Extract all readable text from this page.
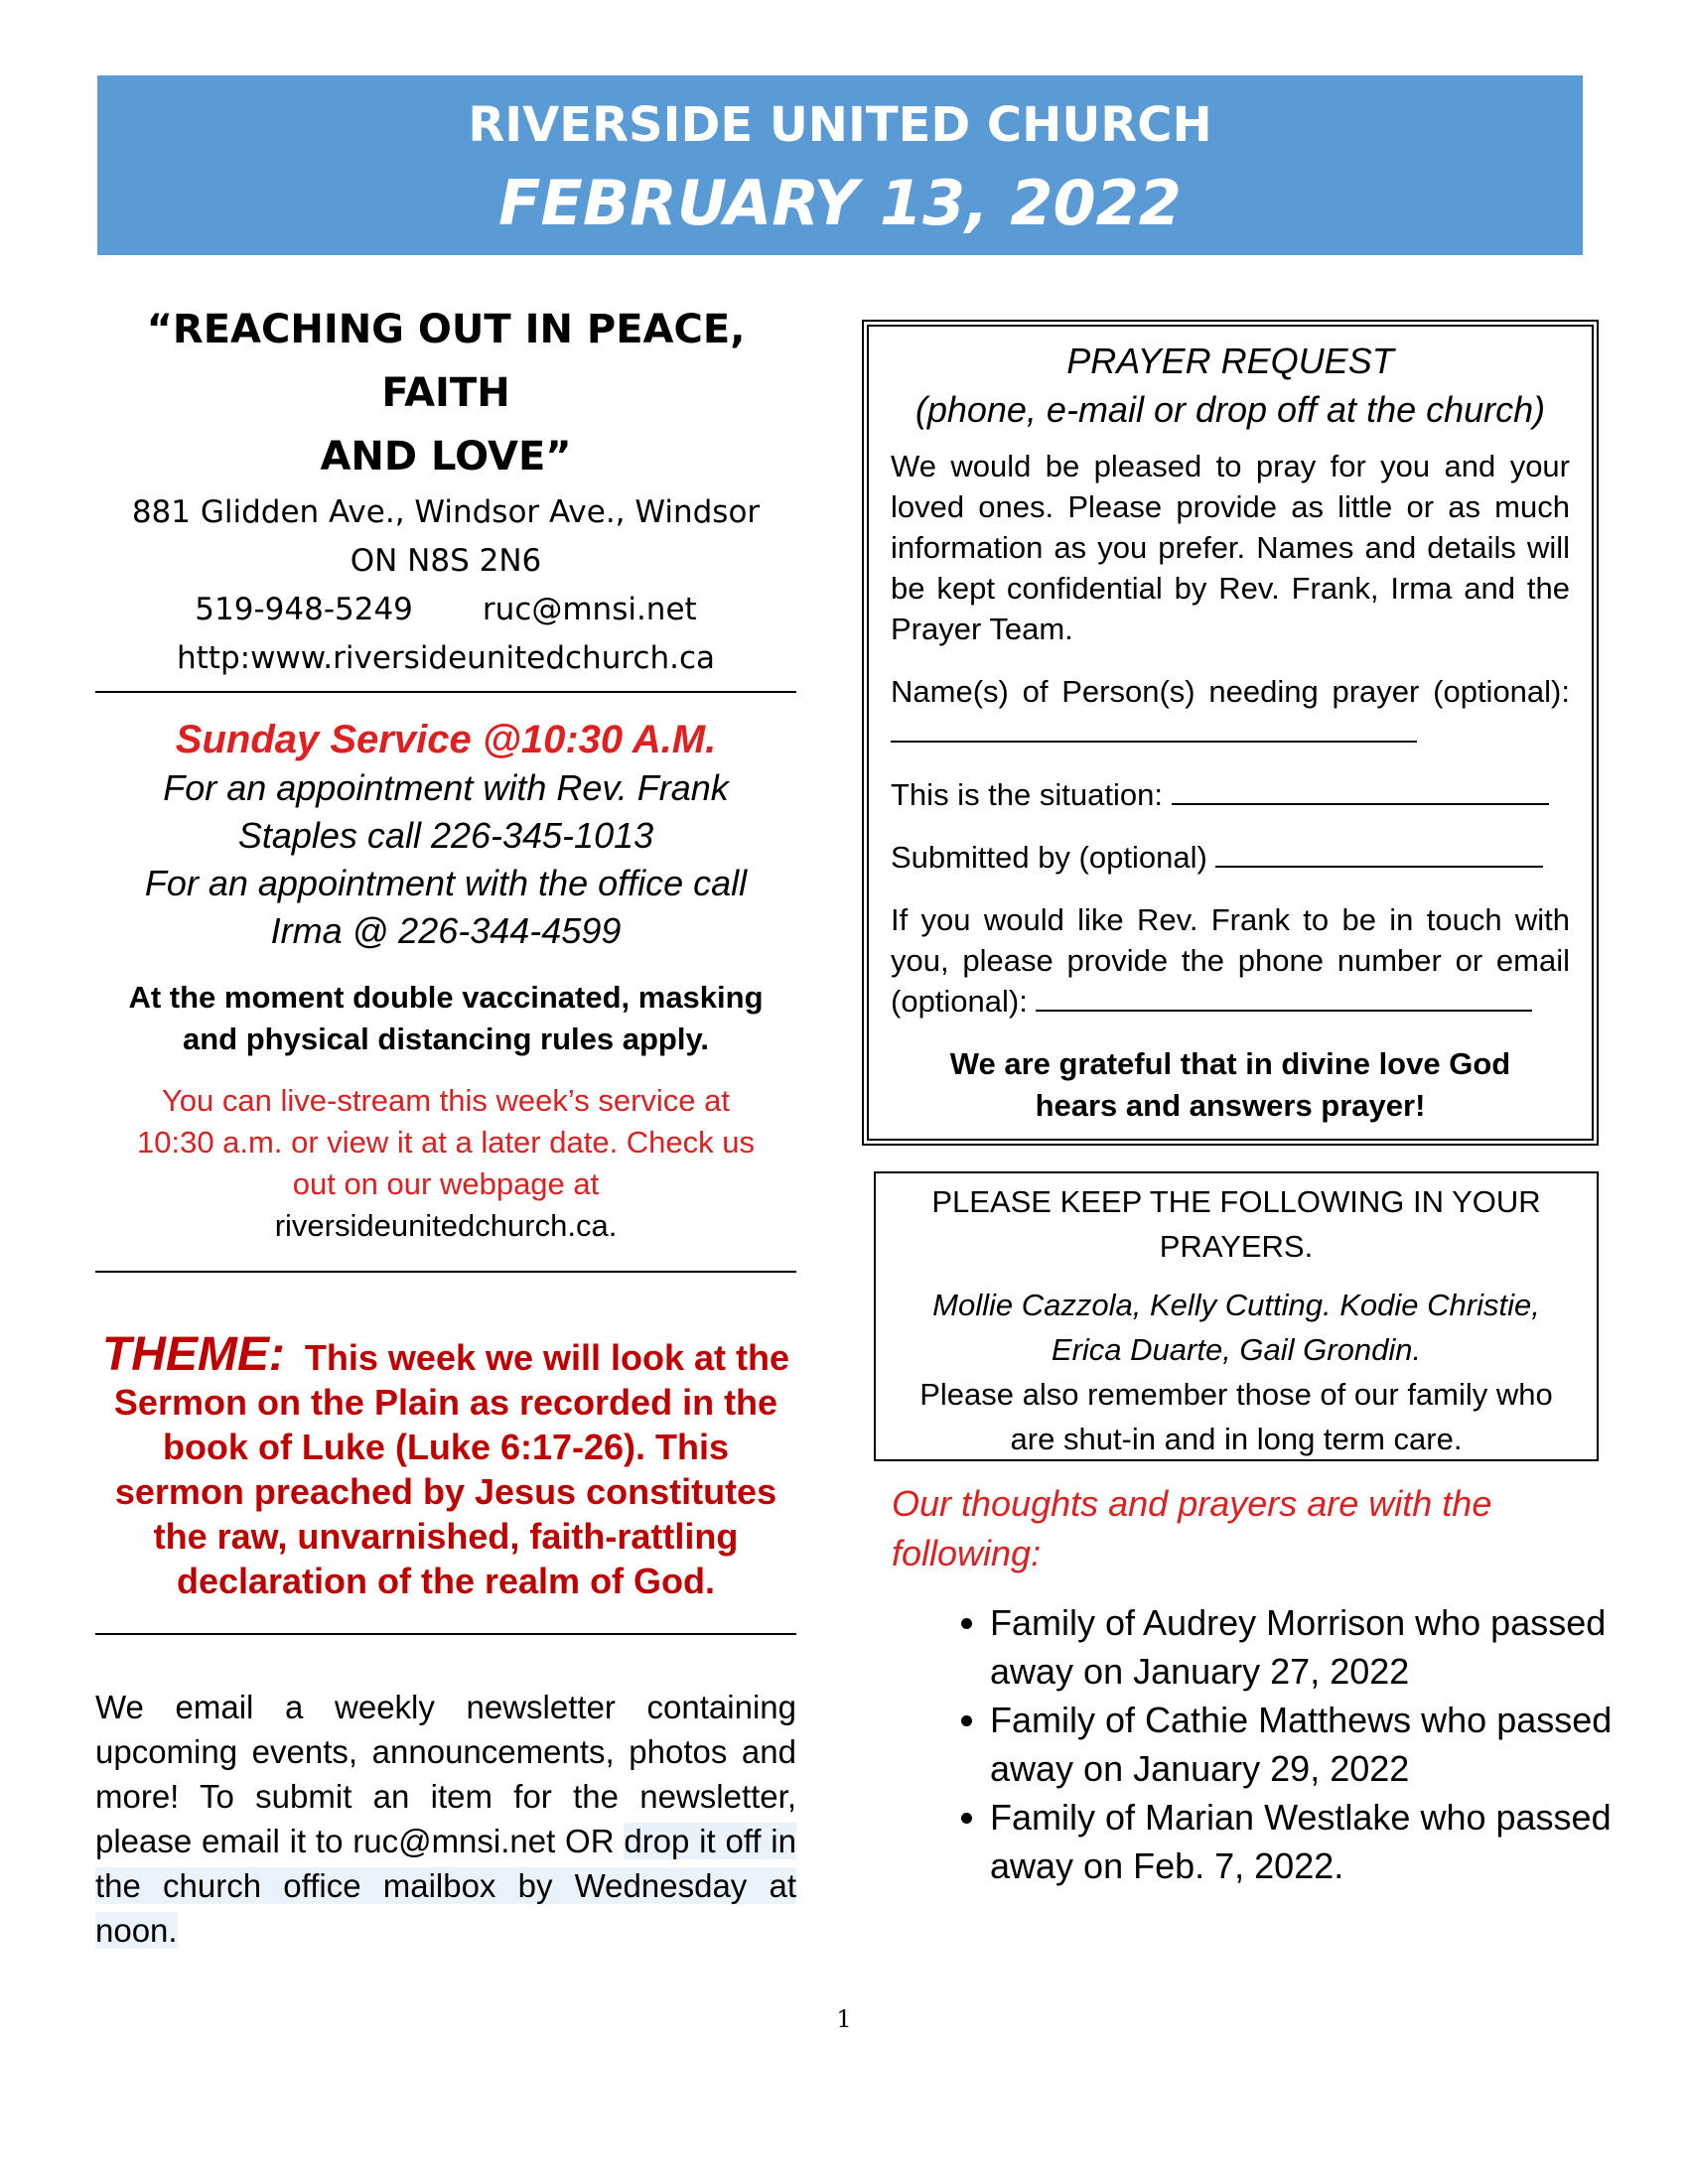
RIVERSIDE UNITED CHURCH
FEBRUARY 13, 2022
“REACHING OUT IN PEACE, FAITH
AND LOVE”
881 Glidden Ave., Windsor Ave., Windsor
ON N8S 2N6
519-948-5249 ruc@mnsi.net
http:www.riversideunitedchurch.ca
Sunday Service @10:30 A.M.
For an appointment with Rev. Frank
Staples call 226-345-1013
For an appointment with the office call
Irma @ 226-344-4599
At the moment double vaccinated, masking
and physical distancing rules apply.
You can live-stream this week’s service at
10:30 a.m. or view it at a later date. Check us
out on our webpage at
riversideunitedchurch.ca.
THEME: This week we will look at the Sermon on the Plain as recorded in the book of Luke (Luke 6:17-26). This sermon preached by Jesus constitutes the raw, unvarnished, faith-rattling declaration of the realm of God.
We email a weekly newsletter containing upcoming events, announcements, photos and more! To submit an item for the newsletter, please email it to ruc@mnsi.net OR drop it off in the church office mailbox by Wednesday at noon.
PRAYER REQUEST
(phone, e-mail or drop off at the church)
We would be pleased to pray for you and your loved ones. Please provide as little or as much information as you prefer. Names and details will be kept confidential by Rev. Frank, Irma and the Prayer Team.
Name(s) of Person(s) needing prayer (optional):
This is the situation:
Submitted by (optional)
If you would like Rev. Frank to be in touch with you, please provide the phone number or email (optional):
We are grateful that in divine love God
hears and answers prayer!
PLEASE KEEP THE FOLLOWING IN YOUR PRAYERS.
Mollie Cazzola, Kelly Cutting. Kodie Christie, Erica Duarte, Gail Grondin.
Please also remember those of our family who are shut-in and in long term care.
Our thoughts and prayers are with the following:
• Family of Audrey Morrison who passed away on January 27, 2022
• Family of Cathie Matthews who passed away on January 29, 2022
• Family of Marian Westlake who passed away on Feb. 7, 2022.
1
